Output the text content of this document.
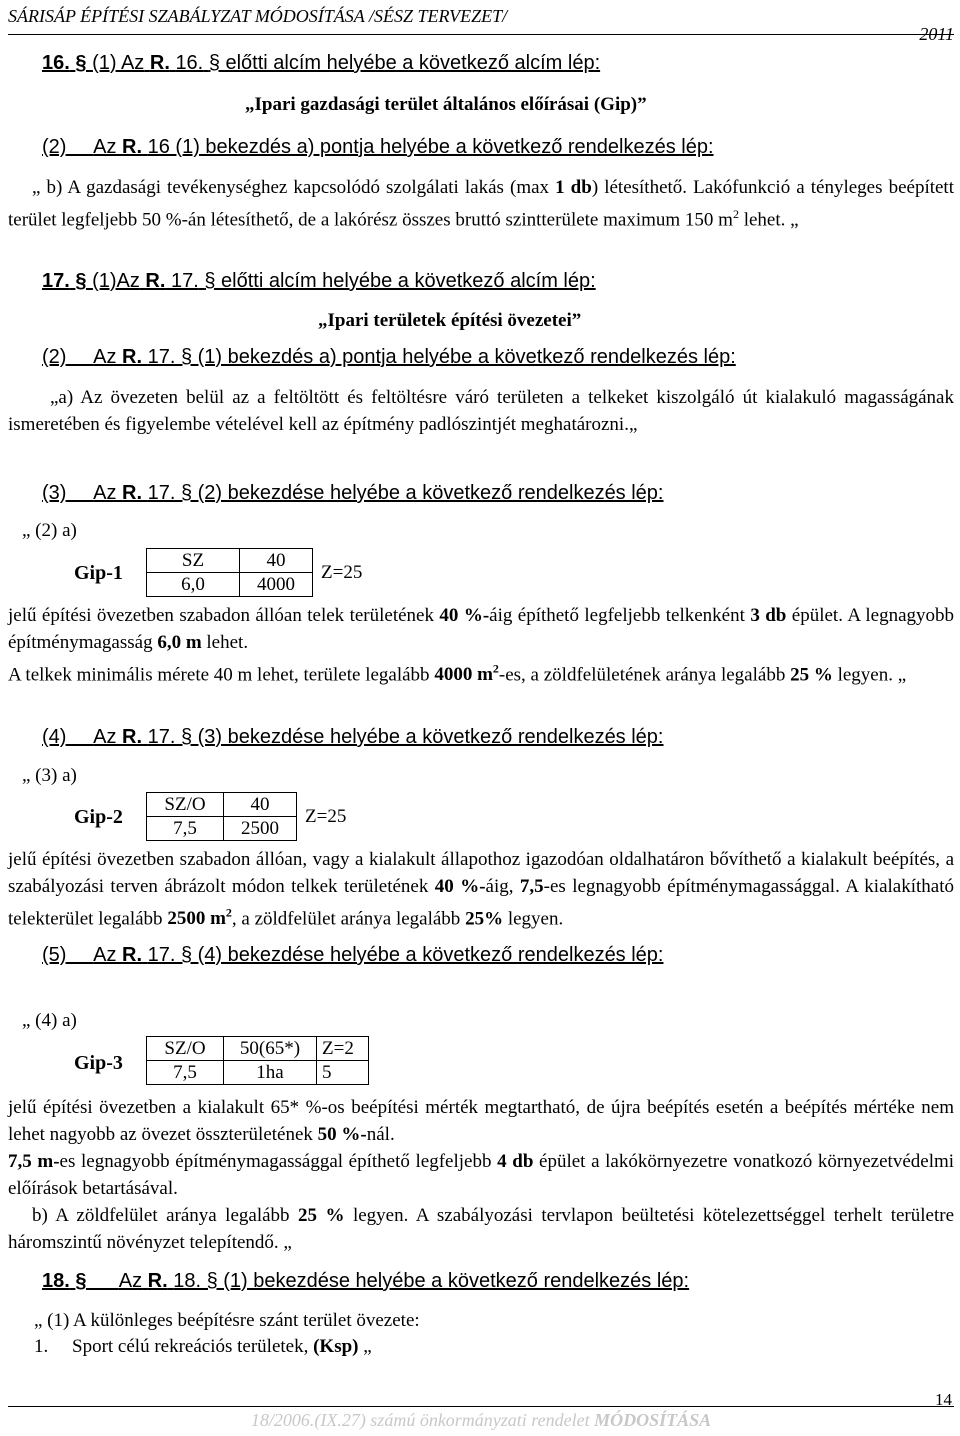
SÁRISÁP ÉPÍTÉSI SZABÁLYZAT MÓDOSÍTÁSA /SÉSZ TERVEZET/
2011
16. § (1) Az R. 16. § előtti alcím helyébe a következő alcím lép:
„Ipari gazdasági terület általános előírásai (Gip)”
(2) Az R. 16 (1) bekezdés a) pontja helyébe a következő rendelkezés lép:
„ b) A gazdasági tevékenységhez kapcsolódó szolgálati lakás (max 1 db) létesíthető. Lakófunkció a tényleges beépített terület legfeljebb 50 %-án létesíthető, de a lakórész összes bruttó szintterülete maximum 150 $m^2$ lehet. „
17. § (1)Az R. 17. § előtti alcím helyébe a következő alcím lép:
„Ipari területek építési övezetei”
(2) Az R. 17. § (1) bekezdés a) pontja helyébe a következő rendelkezés lép:
„a) Az övezeten belül az a feltöltött és feltöltésre váró területen a telkeket kiszolgáló út kialakuló magasságának ismeretében és figyelembe vételével kell az építmény padlószintjét meghatározni.„
(3) Az R. 17. § (2) bekezdése helyébe a következő rendelkezés lép:
„ (2) a)
Gip-1
SZ	40	Z=25
6,0	4000	
jelű építési övezetben szabadon állóan telek területének 40 %-áig építhető legfeljebb telkenként 3 db épület. A legnagyobb építménymagasság 6,0 m lehet.
A telkek minimális mérete 40 m lehet, területe legalább 4000 $m^2-es$, a zöldfelületének aránya legalább 25 % legyen. „
(4) Az R. 17. § (3) bekezdése helyébe a következő rendelkezés lép:
„ (3) a)
Gip-2
SZ/O	40	Z=25
7,5	2500	
jelű építési övezetben szabadon állóan, vagy a kialakult állapothoz igazodóan oldalhatáron bővíthető a kialakult beépítés, a szabályozási terven ábrázolt módon telkek területének 40 %-áig, 7,5-es legnagyobb építménymagassággal. A kialakítható telekterület legalább 2500 $m^2$, a zöldfelület aránya legalább 25% legyen.
(5) Az R. 17. § (4) bekezdése helyébe a következő rendelkezés lép:
„ (4) a)
Gip-3
SZ/O	50(65*)	Z=2
7,5	1ha	5
jelű építési övezetben a kialakult 65* %-os beépítési mérték megtartható, de újra beépítés esetén a beépítés mértéke nem lehet nagyobb az övezet összterületének 50 %-nál.
7,5 m-es legnagyobb építménymagassággal építhető legfeljebb 4 db épület a lakókörnyezetre vonatkozó környezetvédelmi előírások betartásával.
b) A zöldfelület aránya legalább 25 % legyen. A szabályozási tervlapon beültetési kötelezettséggel terhelt területre háromszintű növényzet telepítendő. „
18. § Az R. 18. § (1) bekezdése helyébe a következő rendelkezés lép:
„ (1) A különleges beépítésre szánt terület övezete:
1. Sport célú rekreációs területek, (Ksp) „
14
18/2006.(IX.27) számú önkormányzati rendelet MÓDOSÍTÁSA
